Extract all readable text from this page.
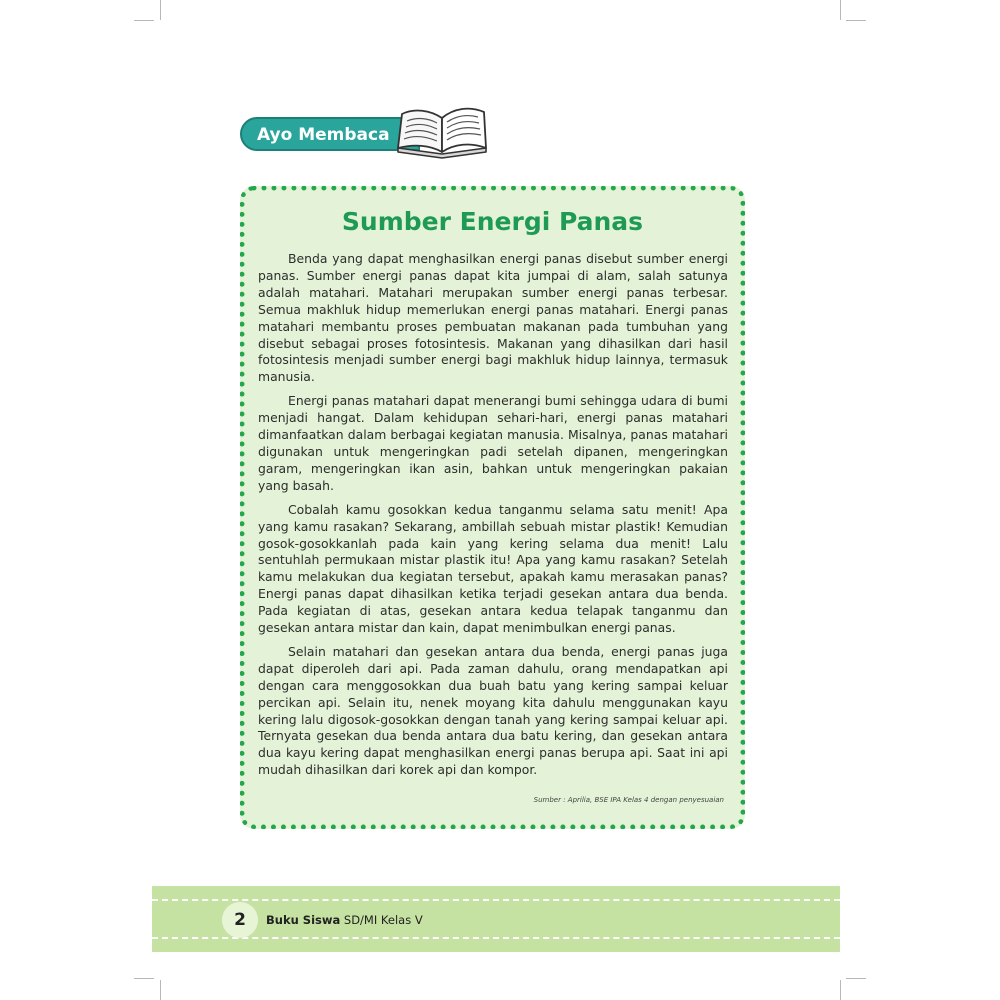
Ayo Membaca
Sumber Energi Panas

Benda yang dapat menghasilkan energi panas disebut sumber energi panas. Sumber energi panas dapat kita jumpai di alam, salah satunya adalah matahari. Matahari merupakan sumber energi panas terbesar. Semua makhluk hidup memerlukan energi panas matahari. Energi panas matahari membantu proses pembuatan makanan pada tumbuhan yang disebut sebagai proses fotosintesis. Makanan yang dihasilkan dari hasil fotosintesis menjadi sumber energi bagi makhluk hidup lainnya, termasuk manusia.

Energi panas matahari dapat menerangi bumi sehingga udara di bumi menjadi hangat. Dalam kehidupan sehari-hari, energi panas matahari dimanfaatkan dalam berbagai kegiatan manusia. Misalnya, panas matahari digunakan untuk mengeringkan padi setelah dipanen, mengeringkan garam, mengeringkan ikan asin, bahkan untuk mengeringkan pakaian yang basah.

Cobalah kamu gosokkan kedua tanganmu selama satu menit! Apa yang kamu rasakan? Sekarang, ambillah sebuah mistar plastik! Kemudian gosok-gosokkanlah pada kain yang kering selama dua menit! Lalu sentuhlah permukaan mistar plastik itu! Apa yang kamu rasakan? Setelah kamu melakukan dua kegiatan tersebut, apakah kamu merasakan panas? Energi panas dapat dihasilkan ketika terjadi gesekan antara dua benda. Pada kegiatan di atas, gesekan antara kedua telapak tanganmu dan gesekan antara mistar dan kain, dapat menimbulkan energi panas.

Selain matahari dan gesekan antara dua benda, energi panas juga dapat diperoleh dari api. Pada zaman dahulu, orang mendapatkan api dengan cara menggosokkan dua buah batu yang kering sampai keluar percikan api. Selain itu, nenek moyang kita dahulu menggunakan kayu kering lalu digosok-gosokkan dengan tanah yang kering sampai keluar api. Ternyata gesekan dua benda antara dua batu kering, dan gesekan antara dua kayu kering dapat menghasilkan energi panas berupa api. Saat ini api mudah dihasilkan dari korek api dan kompor.

Sumber : Aprilia, BSE IPA Kelas 4 dengan penyesuaian
2	Buku Siswa SD/MI Kelas V
